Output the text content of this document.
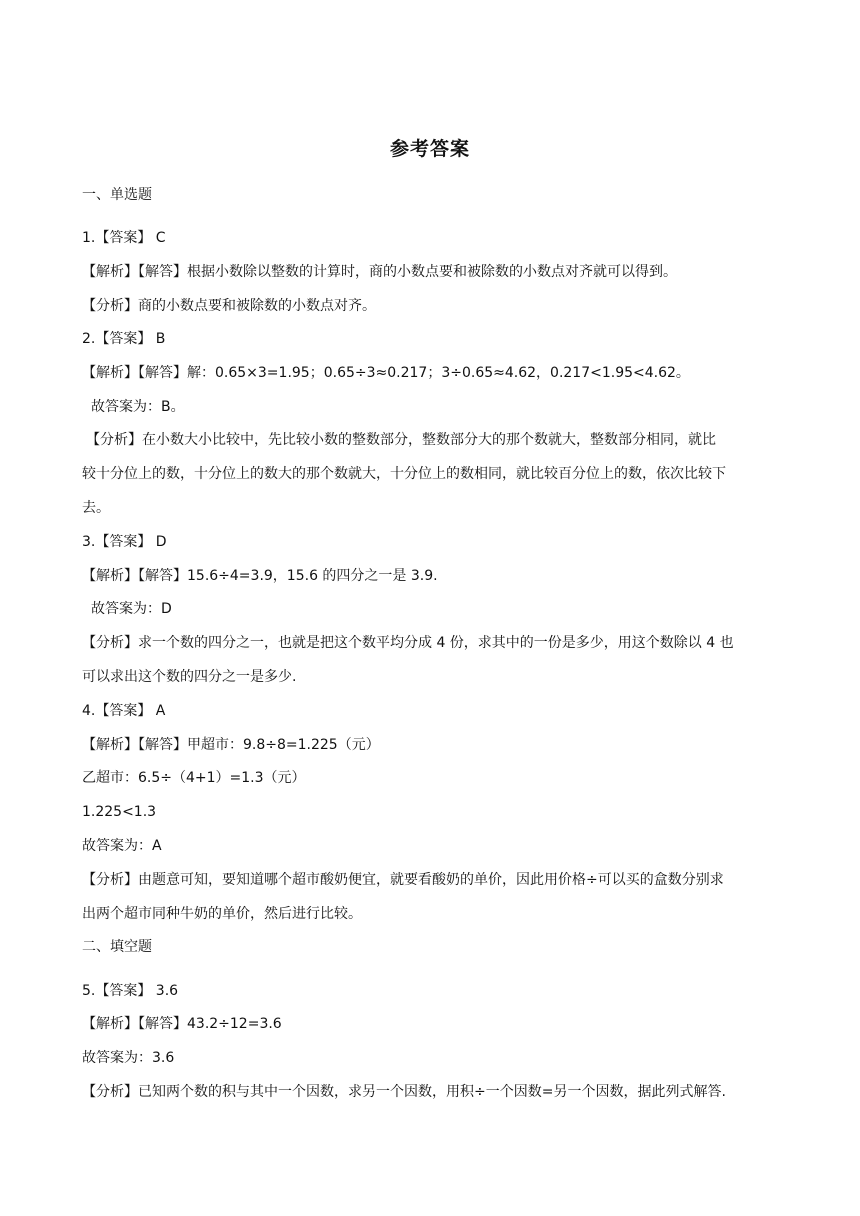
参考答案
一、单选题
1.【答案】 C
【解析】【解答】根据小数除以整数的计算时，商的小数点要和被除数的小数点对齐就可以得到。
【分析】商的小数点要和被除数的小数点对齐。
2.【答案】 B
【解析】【解答】解：0.65×3=1.95；0.65÷3≈0.217；3÷0.65≈4.62，0.217<1.95<4.62。
故答案为：B。
【分析】在小数大小比较中，先比较小数的整数部分，整数部分大的那个数就大，整数部分相同，就比
较十分位上的数，十分位上的数大的那个数就大，十分位上的数相同，就比较百分位上的数，依次比较下
去。
3.【答案】 D
【解析】【解答】15.6÷4=3.9，15.6 的四分之一是 3.9.
故答案为：D
【分析】求一个数的四分之一，也就是把这个数平均分成 4 份，求其中的一份是多少，用这个数除以 4 也
可以求出这个数的四分之一是多少.
4.【答案】 A
【解析】【解答】甲超市：9.8÷8=1.225（元）
乙超市：6.5÷（4+1）=1.3（元）
1.225<1.3
故答案为：A
【分析】由题意可知，要知道哪个超市酸奶便宜，就要看酸奶的单价，因此用价格÷可以买的盒数分别求
出两个超市同种牛奶的单价，然后进行比较。
二、填空题
5.【答案】 3.6
【解析】【解答】43.2÷12=3.6
故答案为：3.6
【分析】已知两个数的积与其中一个因数，求另一个因数，用积÷一个因数=另一个因数，据此列式解答.
